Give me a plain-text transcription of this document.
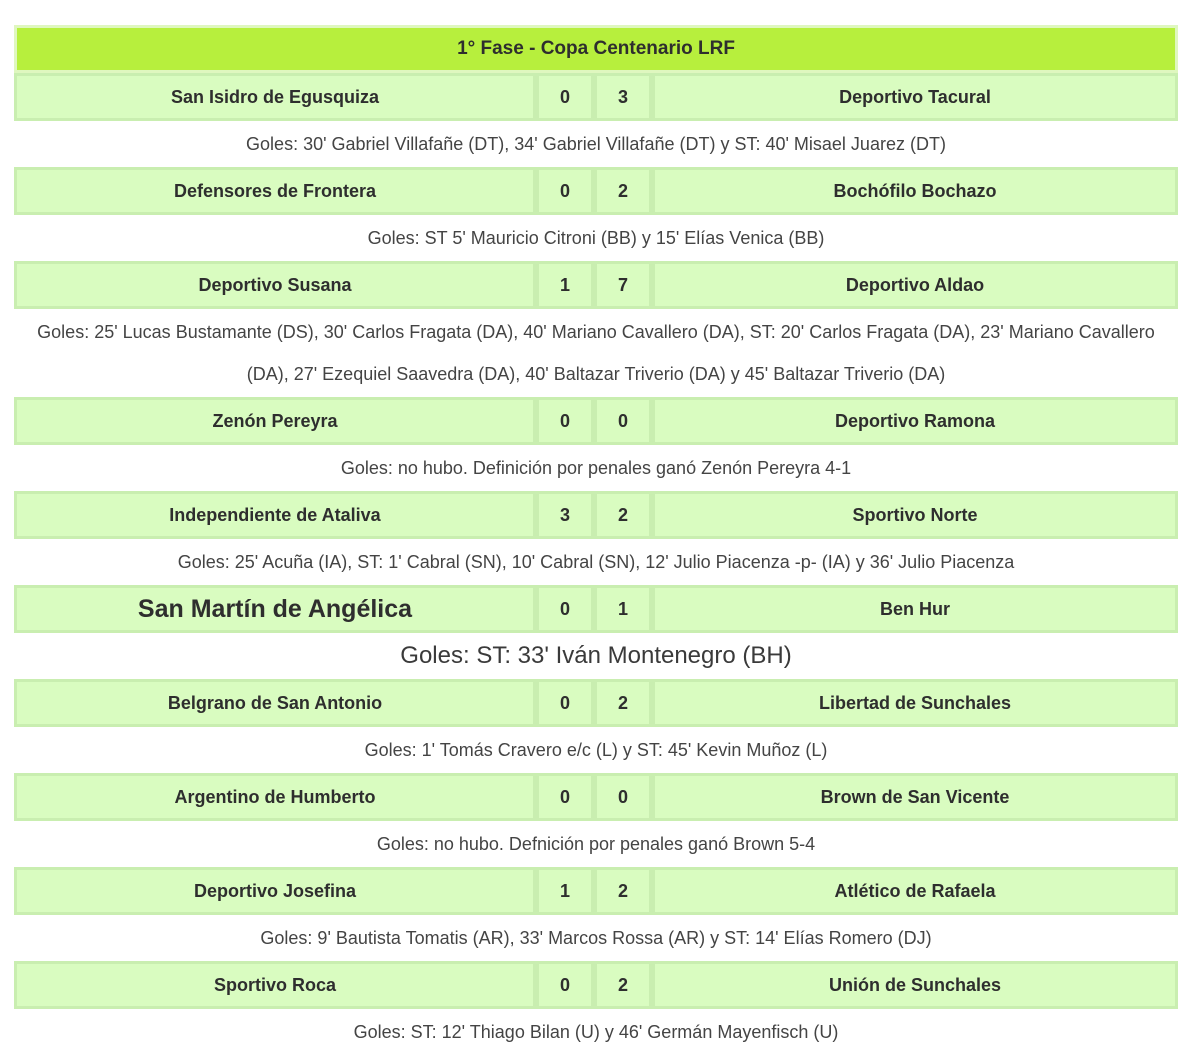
1° Fase - Copa Centenario LRF
San Isidro de Egusquiza	0	3	Deportivo Tacural
Goles: 30' Gabriel Villafañe (DT), 34' Gabriel Villafañe (DT) y ST: 40' Misael Juarez (DT)
Defensores de Frontera	0	2	Bochófilo Bochazo
Goles: ST 5' Mauricio Citroni (BB) y 15' Elías Venica (BB)
Deportivo Susana	1	7	Deportivo Aldao
Goles: 25' Lucas Bustamante (DS), 30' Carlos Fragata (DA), 40' Mariano Cavallero (DA), ST: 20' Carlos Fragata (DA), 23' Mariano Cavallero (DA), 27' Ezequiel Saavedra (DA), 40' Baltazar Triverio (DA) y 45' Baltazar Triverio (DA)
Zenón Pereyra	0	0	Deportivo Ramona
Goles: no hubo. Definición por penales ganó Zenón Pereyra 4-1
Independiente de Ataliva	3	2	Sportivo Norte
Goles: 25' Acuña (IA), ST: 1' Cabral (SN), 10' Cabral (SN), 12' Julio Piacenza -p- (IA) y 36' Julio Piacenza
San Martín de Angélica	0	1	Ben Hur
Goles: ST: 33' Iván Montenegro (BH)
Belgrano de San Antonio	0	2	Libertad de Sunchales
Goles: 1' Tomás Cravero e/c (L) y ST: 45' Kevin Muñoz (L)
Argentino de Humberto	0	0	Brown de San Vicente
Goles: no hubo. Defnición por penales ganó Brown 5-4
Deportivo Josefina	1	2	Atlético de Rafaela
Goles: 9' Bautista Tomatis (AR), 33' Marcos Rossa (AR) y ST: 14' Elías Romero (DJ)
Sportivo Roca	0	2	Unión de Sunchales
Goles: ST: 12' Thiago Bilan (U) y 46' Germán Mayenfisch (U)
